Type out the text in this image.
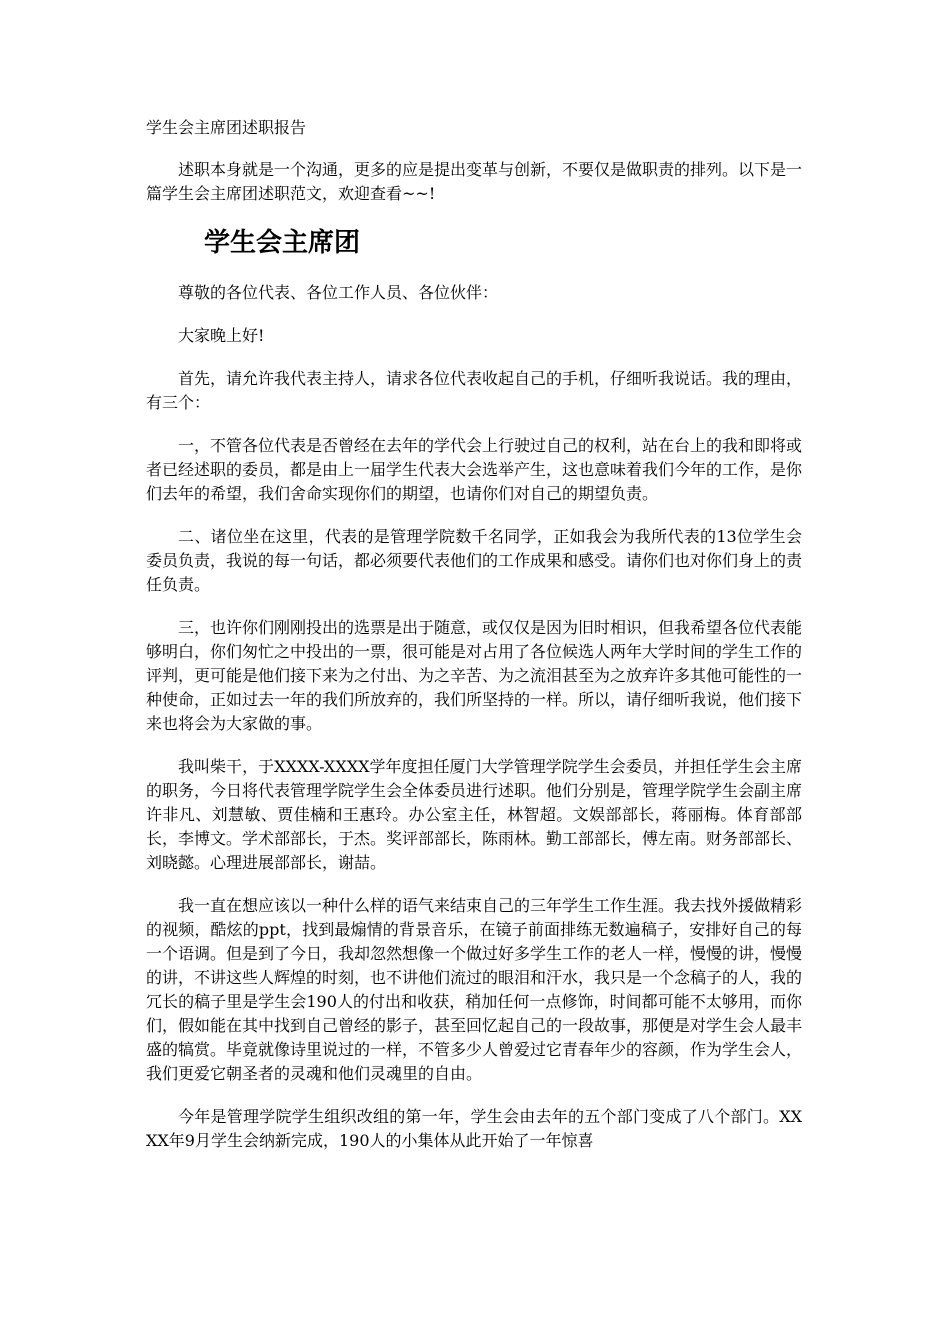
学生会主席团述职报告

述职本身就是一个沟通，更多的应是提出变革与创新，不要仅是做职责的排列。以下是一篇学生会主席团述职范文，欢迎查看~~!

学生会主席团

尊敬的各位代表、各位工作人员、各位伙伴：

大家晚上好!

首先，请允许我代表主持人，请求各位代表收起自己的手机，仔细听我说话。我的理由，有三个：

一，不管各位代表是否曾经在去年的学代会上行驶过自己的权利，站在台上的我和即将或者已经述职的委员，都是由上一届学生代表大会选举产生，这也意味着我们今年的工作，是你们去年的希望，我们舍命实现你们的期望，也请你们对自己的期望负责。

二、诸位坐在这里，代表的是管理学院数千名同学，正如我会为我所代表的13位学生会委员负责，我说的每一句话，都必须要代表他们的工作成果和感受。请你们也对你们身上的责任负责。

三，也许你们刚刚投出的选票是出于随意，或仅仅是因为旧时相识，但我希望各位代表能够明白，你们匆忙之中投出的一票，很可能是对占用了各位候选人两年大学时间的学生工作的评判，更可能是他们接下来为之付出、为之辛苦、为之流泪甚至为之放弃许多其他可能性的一种使命，正如过去一年的我们所放弃的，我们所坚持的一样。所以，请仔细听我说，他们接下来也将会为大家做的事。

我叫柴干，于XXXX-XXXX学年度担任厦门大学管理学院学生会委员，并担任学生会主席的职务，今日将代表管理学院学生会全体委员进行述职。他们分别是，管理学院学生会副主席许非凡、刘慧敏、贾佳楠和王惠玲。办公室主任，林智超。文娱部部长，蒋丽梅。体育部部长，李博文。学术部部长，于杰。奖评部部长，陈雨林。勤工部部长，傅左南。财务部部长、刘晓懿。心理进展部部长，谢喆。

我一直在想应该以一种什么样的语气来结束自己的三年学生工作生涯。我去找外援做精彩的视频，酷炫的ppt，找到最煽情的背景音乐，在镜子前面排练无数遍稿子，安排好自己的每一个语调。但是到了今日，我却忽然想像一个做过好多学生工作的老人一样，慢慢的讲，慢慢的讲，不讲这些人辉煌的时刻，也不讲他们流过的眼泪和汗水，我只是一个念稿子的人，我的冗长的稿子里是学生会190人的付出和收获，稍加任何一点修饰，时间都可能不太够用，而你们，假如能在其中找到自己曾经的影子，甚至回忆起自己的一段故事，那便是对学生会人最丰盛的犒赏。毕竟就像诗里说过的一样，不管多少人曾爱过它青春年少的容颜，作为学生会人，我们更爱它朝圣者的灵魂和他们灵魂里的自由。

今年是管理学院学生组织改组的第一年，学生会由去年的五个部门变成了八个部门。XXXX年9月学生会纳新完成，190人的小集体从此开始了一年惊喜
